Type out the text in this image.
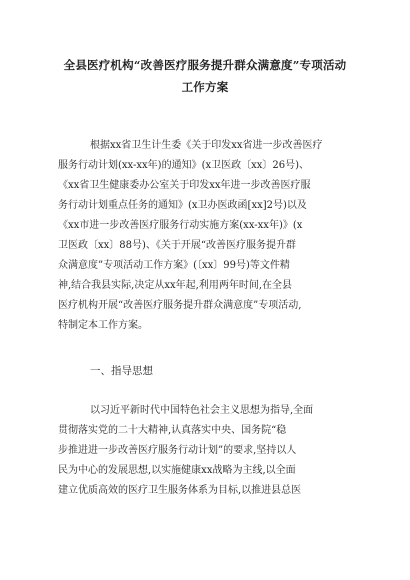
全县医疗机构“改善医疗服务提升群众满意度”专项活动
工作方案
根据xx省卫生计生委《关于印发xx省进一步改善医疗
服务行动计划(xx-xx年)的通知》(x卫医政〔xx〕26号)、
《xx省卫生健康委办公室关于印发xx年进一步改善医疗服
务行动计划重点任务的通知》(x卫办医政函[xx]2号)以及
《xx市进一步改善医疗服务行动实施方案(xx-xx年)》(x
卫医政〔xx〕88号)、《关于开展“改善医疗服务提升群
众满意度”专项活动工作方案》(〔xx〕99号)等文件精
神,结合我县实际,决定从xx年起,利用两年时间,在全县
医疗机构开展“改善医疗服务提升群众满意度”专项活动,
特制定本工作方案。
一、指导思想
以习近平新时代中国特色社会主义思想为指导,全面
贯彻落实党的二十大精神,认真落实中央、国务院“稳
步推进进一步改善医疗服务行动计划”的要求,坚持以人
民为中心的发展思想,以实施健康xx战略为主线,以全面
建立优质高效的医疗卫生服务体系为目标,以推进县总医
